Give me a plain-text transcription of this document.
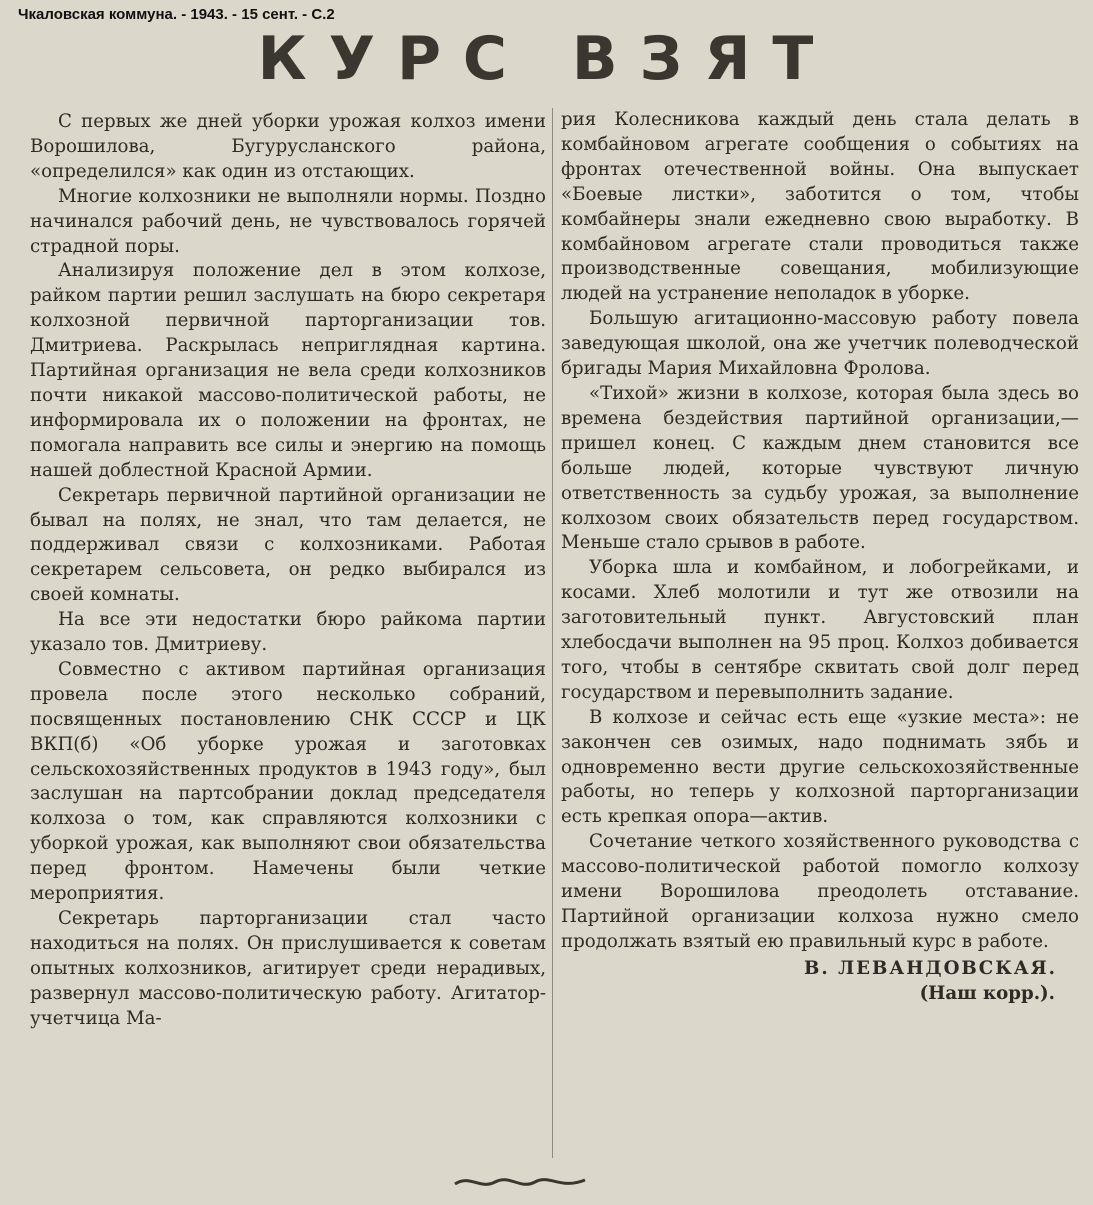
Чкаловская коммуна. - 1943. - 15 сент. - С.2
КУРС ВЗЯТ

С первых же дней уборки урожая колхоз имени Ворошилова, Бугурусланского района, «определился» как один из отстающих.

Многие колхозники не выполняли нормы. Поздно начинался рабочий день, не чувствовалось горячей страдной поры.

Анализируя положение дел в этом колхозе, райком партии решил заслушать на бюро секретаря колхозной первичной парторганизации тов. Дмитриева. Раскрылась неприглядная картина. Партийная организация не вела среди колхозников почти никакой массово-политической работы, не информировала их о положении на фронтах, не помогала направить все силы и энергию на помощь нашей доблестной Красной Армии.

Секретарь первичной партийной организации не бывал на полях, не знал, что там делается, не поддерживал связи с колхозниками. Работая секретарем сельсовета, он редко выбирался из своей комнаты.

На все эти недостатки бюро райкома партии указало тов. Дмитриеву.

Совместно с активом партийная организация провела после этого несколько собраний, посвященных постановлению СНК СССР и ЦК ВКП(б) «Об уборке урожая и заготовках сельскохозяйственных продуктов в 1943 году», был заслушан на партсобрании доклад председателя колхоза о том, как справляются колхозники с уборкой урожая, как выполняют свои обязательства перед фронтом. Намечены были четкие мероприятия.

Секретарь парторганизации стал часто находиться на полях. Он прислушивается к советам опытных колхозников, агитирует среди нерадивых, развернул массово-политическую работу. Агитатор-учетчица Ма-

рия Колесникова каждый день стала делать в комбайновом агрегате сообщения о событиях на фронтах отечественной войны. Она выпускает «Боевые листки», заботится о том, чтобы комбайнеры знали ежедневно свою выработку. В комбайновом агрегате стали проводиться также производственные совещания, мобилизующие людей на устранение неполадок в уборке.

Большую агитационно-массовую работу повела заведующая школой, она же учетчик полеводческой бригады Мария Михайловна Фролова.

«Тихой» жизни в колхозе, которая была здесь во времена бездействия партийной организации,—пришел конец. С каждым днем становится все больше людей, которые чувствуют личную ответственность за судьбу урожая, за выполнение колхозом своих обязательств перед государством. Меньше стало срывов в работе.

Уборка шла и комбайном, и лобогрейками, и косами. Хлеб молотили и тут же отвозили на заготовительный пункт. Августовский план хлебосдачи выполнен на 95 проц. Колхоз добивается того, чтобы в сентябре сквитать свой долг перед государством и перевыполнить задание.

В колхозе и сейчас есть еще «узкие места»: не закончен сев озимых, надо поднимать зябь и одновременно вести другие сельскохозяйственные работы, но теперь у колхозной парторганизации есть крепкая опора—актив.

Сочетание четкого хозяйственного руководства с массово-политической работой помогло колхозу имени Ворошилова преодолеть отставание. Партийной организации колхоза нужно смело продолжать взятый ею правильный курс в работе.

В. ЛЕВАНДОВСКАЯ.
(Наш корр.).
